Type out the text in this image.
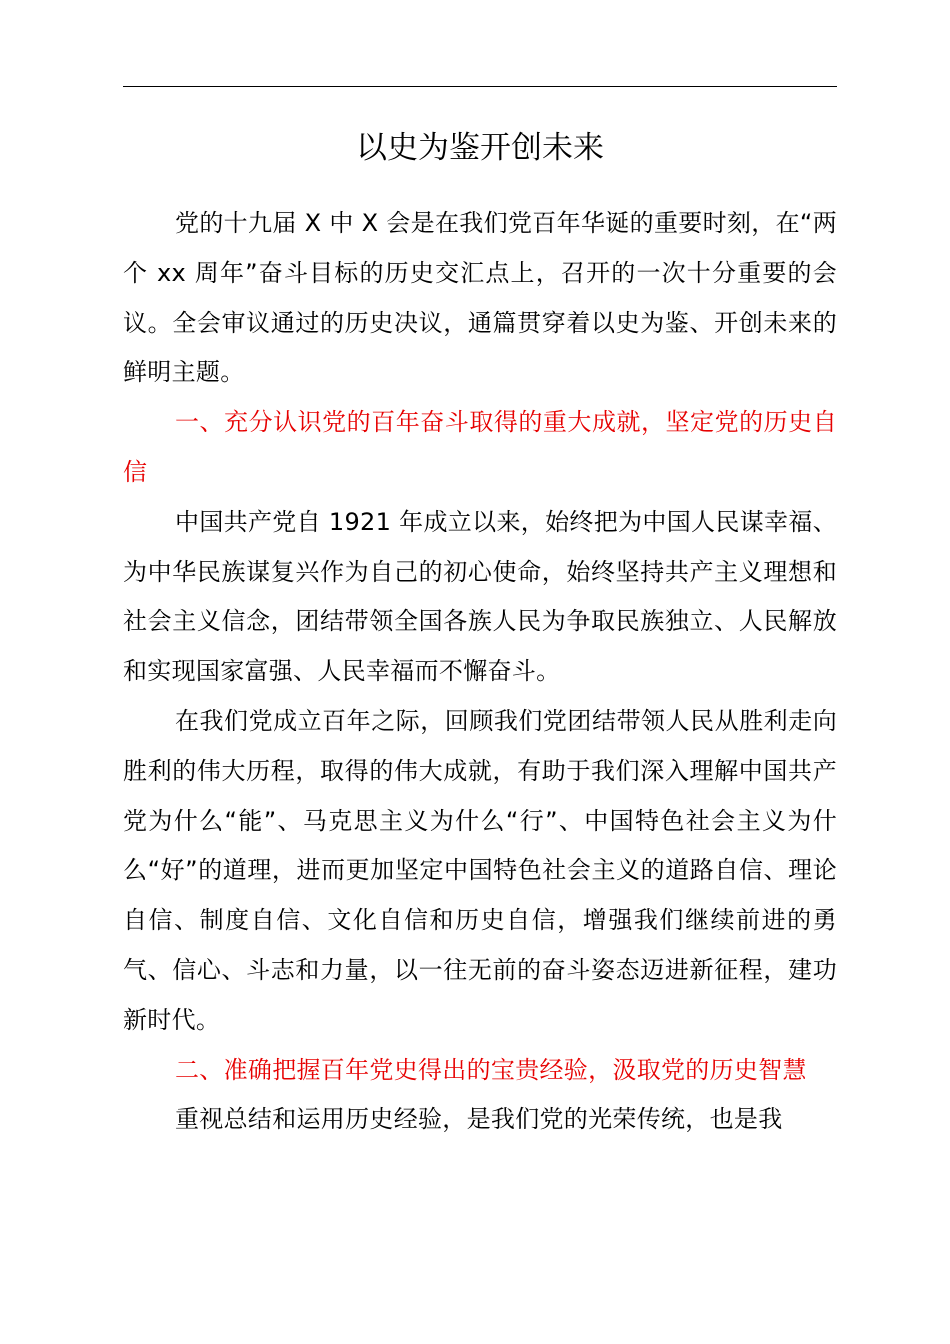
以史为鉴开创未来

党的十九届 X 中 X 会是在我们党百年华诞的重要时刻，在“两个 xx 周年”奋斗目标的历史交汇点上，召开的一次十分重要的会议。全会审议通过的历史决议，通篇贯穿着以史为鉴、开创未来的鲜明主题。

一、充分认识党的百年奋斗取得的重大成就，坚定党的历史自信

中国共产党自 1921 年成立以来，始终把为中国人民谋幸福、为中华民族谋复兴作为自己的初心使命，始终坚持共产主义理想和社会主义信念，团结带领全国各族人民为争取民族独立、人民解放和实现国家富强、人民幸福而不懈奋斗。

在我们党成立百年之际，回顾我们党团结带领人民从胜利走向胜利的伟大历程，取得的伟大成就，有助于我们深入理解中国共产党为什么“能”、马克思主义为什么“行”、中国特色社会主义为什么“好”的道理，进而更加坚定中国特色社会主义的道路自信、理论自信、制度自信、文化自信和历史自信，增强我们继续前进的勇气、信心、斗志和力量，以一往无前的奋斗姿态迈进新征程，建功新时代。

二、准确把握百年党史得出的宝贵经验，汲取党的历史智慧

重视总结和运用历史经验，是我们党的光荣传统，也是我
